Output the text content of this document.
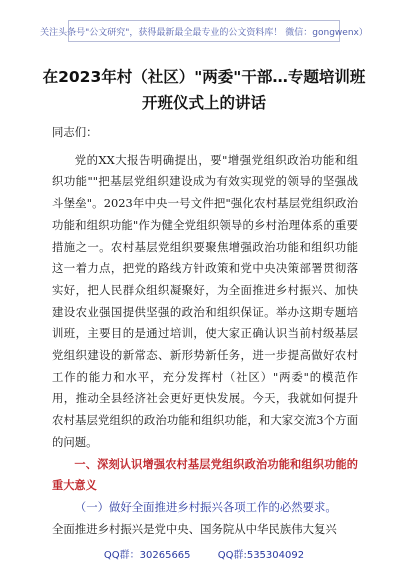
关注头条号"公文研究"，获得最新最全最专业的公文资料库！ 微信：gongwenx）
在2023年村（社区）"两委"干部…专题培训班开班仪式上的讲话

同志们：

党的XX大报告明确提出，要"增强党组织政治功能和组织功能""把基层党组织建设成为有效实现党的领导的坚强战斗堡垒"。2023年中央一号文件把"强化农村基层党组织政治功能和组织功能"作为健全党组织领导的乡村治理体系的重要措施之一。农村基层党组织要聚焦增强政治功能和组织功能这一着力点，把党的路线方针政策和党中央决策部署贯彻落实好，把人民群众组织凝聚好，为全面推进乡村振兴、加快建设农业强国提供坚强的政治和组织保证。举办这期专题培训班，主要目的是通过培训，使大家正确认识当前村级基层党组织建设的新常态、新形势新任务，进一步提高做好农村工作的能力和水平，充分发挥村（社区）"两委"的模范作用，推动全县经济社会更好更快发展。今天，我就如何提升农村基层党组织的政治功能和组织功能，和大家交流3个方面的问题。

一、深刻认识增强农村基层党组织政治功能和组织功能的重大意义

（一）做好全面推进乡村振兴各项工作的必然要求。

全面推进乡村振兴是党中央、国务院从中华民族伟大复兴

QQ群：30265665	QQ群:535304092
